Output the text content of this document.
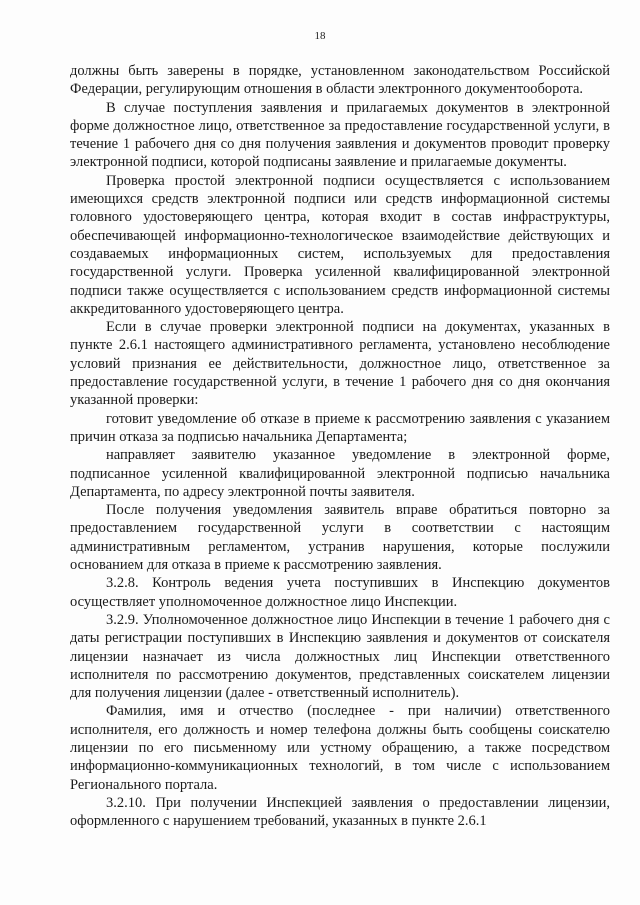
18

должны быть заверены в порядке, установленном законодательством Российской Федерации, регулирующим отношения в области электронного документооборота.

В случае поступления заявления и прилагаемых документов в электронной форме должностное лицо, ответственное за предоставление государственной услуги, в течение 1 рабочего дня со дня получения заявления и документов проводит проверку электронной подписи, которой подписаны заявление и прилагаемые документы.

Проверка простой электронной подписи осуществляется с использованием имеющихся средств электронной подписи или средств информационной системы головного удостоверяющего центра, которая входит в состав инфраструктуры, обеспечивающей информационно-технологическое взаимодействие действующих и создаваемых информационных систем, используемых для предоставления государственной услуги. Проверка усиленной квалифицированной электронной подписи также осуществляется с использованием средств информационной системы аккредитованного удостоверяющего центра.

Если в случае проверки электронной подписи на документах, указанных в пункте 2.6.1 настоящего административного регламента, установлено несоблюдение условий признания ее действительности, должностное лицо, ответственное за предоставление государственной услуги, в течение 1 рабочего дня со дня окончания указанной проверки:

готовит уведомление об отказе в приеме к рассмотрению заявления с указанием причин отказа за подписью начальника Департамента;

направляет заявителю указанное уведомление в электронной форме, подписанное усиленной квалифицированной электронной подписью начальника Департамента, по адресу электронной почты заявителя.

После получения уведомления заявитель вправе обратиться повторно за предоставлением государственной услуги в соответствии с настоящим административным регламентом, устранив нарушения, которые послужили основанием для отказа в приеме к рассмотрению заявления.

3.2.8. Контроль ведения учета поступивших в Инспекцию документов осуществляет уполномоченное должностное лицо Инспекции.

3.2.9. Уполномоченное должностное лицо Инспекции в течение 1 рабочего дня с даты регистрации поступивших в Инспекцию заявления и документов от соискателя лицензии назначает из числа должностных лиц Инспекции ответственного исполнителя по рассмотрению документов, представленных соискателем лицензии для получения лицензии (далее - ответственный исполнитель).

Фамилия, имя и отчество (последнее - при наличии) ответственного исполнителя, его должность и номер телефона должны быть сообщены соискателю лицензии по его письменному или устному обращению, а также посредством информационно-коммуникационных технологий, в том числе с использованием Регионального портала.

3.2.10. При получении Инспекцией заявления о предоставлении лицензии, оформленного с нарушением требований, указанных в пункте 2.6.1
